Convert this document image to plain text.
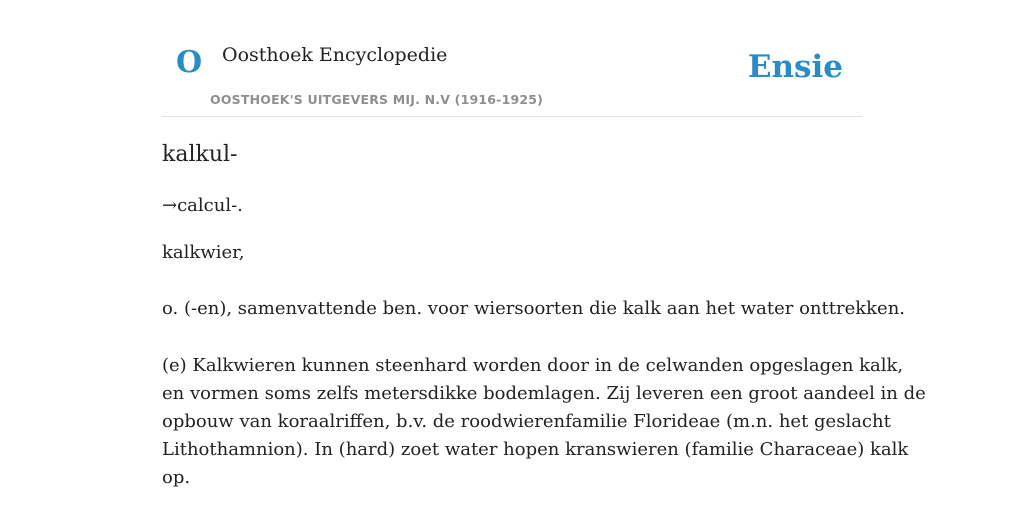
O Oosthoek Encyclopedie
OOSTHOEK'S UITGEVERS MIJ. N.V (1916-1925)
Ensie
kalkul-
→calcul-.
kalkwier,
o. (-en), samenvattende ben. voor wiersoorten die kalk aan het water onttrekken.
(e) Kalkwieren kunnen steenhard worden door in de celwanden opgeslagen kalk,
en vormen soms zelfs metersdikke bodemlagen. Zij leveren een groot aandeel in de
opbouw van koraalriffen, b.v. de roodwierenfamilie Florideae (m.n. het geslacht
Lithothamnion). In (hard) zoet water hopen kranswieren (familie Characeae) kalk
op.
